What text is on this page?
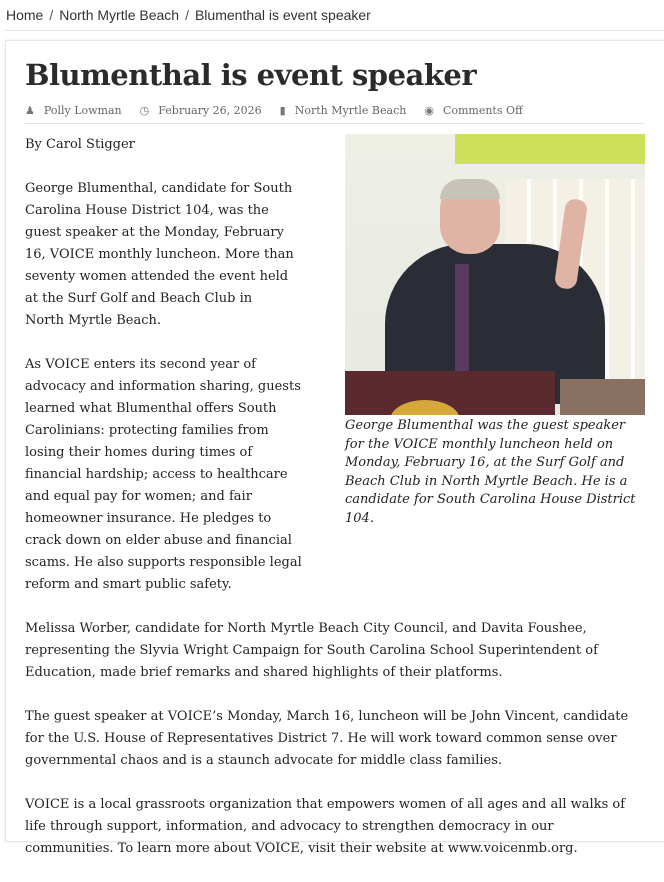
Home / North Myrtle Beach / Blumenthal is event speaker
Blumenthal is event speaker
♟ Polly Lowman ◷ February 26, 2026 ▮ North Myrtle Beach ◉ Comments Off
George Blumenthal was the guest speaker for the VOICE monthly luncheon held on Monday, February 16, at the Surf Golf and Beach Club in North Myrtle Beach. He is a candidate for South Carolina House District 104.

By Carol Stigger

George Blumenthal, candidate for South Carolina House District 104, was the guest speaker at the Monday, February 16, VOICE monthly luncheon. More than seventy women attended the event held at the Surf Golf and Beach Club in North Myrtle Beach.

As VOICE enters its second year of advocacy and information sharing, guests learned what Blumenthal offers South Carolinians: protecting families from losing their homes during times of financial hardship; access to healthcare and equal pay for women; and fair homeowner insurance. He pledges to crack down on elder abuse and financial scams. He also supports responsible legal reform and smart public safety.

Melissa Worber, candidate for North Myrtle Beach City Council, and Davita Foushee, representing the Slyvia Wright Campaign for South Carolina School Superintendent of Education, made brief remarks and shared highlights of their platforms.

The guest speaker at VOICE’s Monday, March 16, luncheon will be John Vincent, candidate for the U.S. House of Representatives District 7. He will work toward common sense over governmental chaos and is a staunch advocate for middle class families.

VOICE is a local grassroots organization that empowers women of all ages and all walks of life through support, information, and advocacy to strengthen democracy in our communities. To learn more about VOICE, visit their website at www.voicenmb.org.
